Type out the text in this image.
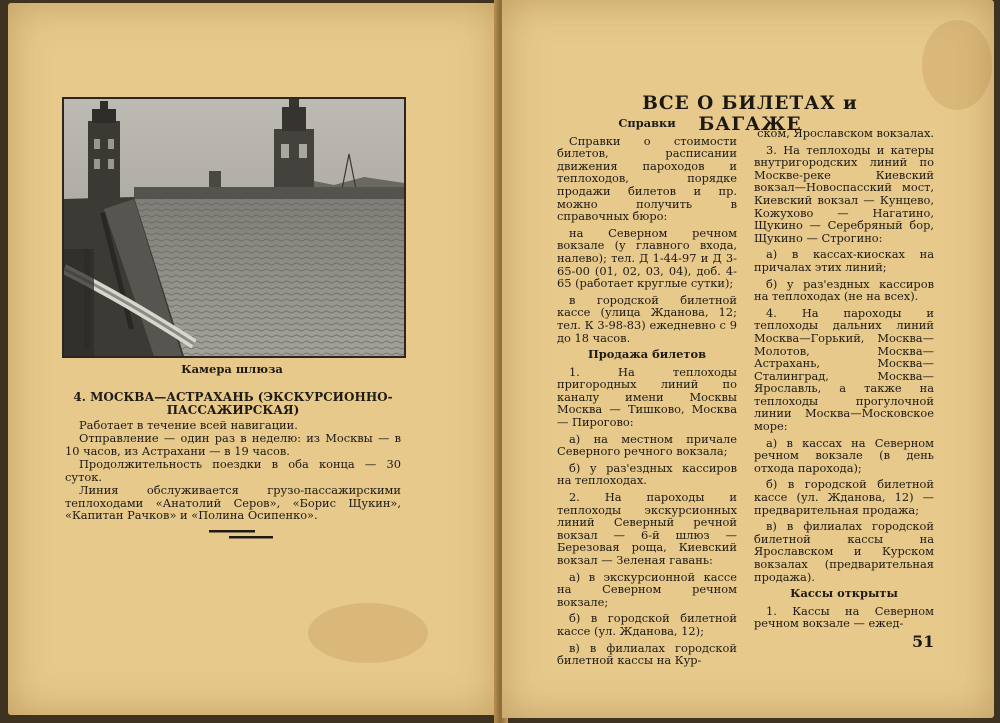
Камера шлюза
4. МОСКВА—АСТРАХАНЬ (ЭКСКУРСИОННО-ПАССАЖИРСКАЯ)
Работает в течение всей навигации.
Отправление — один раз в неделю: из Москвы — в 10 часов, из Астрахани — в 19 часов.
Продолжительность поездки в оба конца — 30 суток.
Линия обслуживается грузо-пассажирскими теплоходами «Анатолий Серов», «Борис Щукин», «Капитан Рачков» и «Полина Осипенко».
ВСЕ О БИЛЕТАХ и БАГАЖЕ

Справки

Справки о стоимости билетов, расписании движения пароходов и теплоходов, порядке продажи билетов и пр. можно получить в справочных бюро:

на Северном речном вокзале (у главного входа, налево); тел. Д 1-44-97 и Д 3-65-00 (01, 02, 03, 04), доб. 4-65 (работает круглые сутки);

в городской билетной кассе (улица Жданова, 12; тел. К 3-98-83) ежедневно с 9 до 18 часов.

Продажа билетов

1. На теплоходы пригородных линий по каналу имени Москвы Москва — Тишково, Москва — Пирогово:

а) на местном причале Северного речного вокзала;

б) у раз'ездных кассиров на теплоходах.

2. На пароходы и теплоходы экскурсионных линий Северный речной вокзал — 6-й шлюз — Березовая роща, Киевский вокзал — Зеленая гавань:

а) в экскурсионной кассе на Северном речном вокзале;

б) в городской билетной кассе (ул. Жданова, 12);

в) в филиалах городской билетной кассы на Кур-

ском, Ярославском вокзалах.

3. На теплоходы и катеры внутригородских линий по Москве-реке Киевский вокзал—Новоспасский мост, Киевский вокзал — Кунцево, Кожухово — Нагатино, Щукино — Серебряный бор, Щукино — Строгино:

а) в кассах-киосках на причалах этих линий;

б) у раз'ездных кассиров на теплоходах (не на всех).

4. На пароходы и теплоходы дальних линий Москва—Горький, Москва—Молотов, Москва—Астрахань, Москва—Сталинград, Москва—Ярославль, а также на теплоходы прогулочной линии Москва—Московское море:

а) в кассах на Северном речном вокзале (в день отхода парохода);

б) в городской билетной кассе (ул. Жданова, 12) — предварительная продажа;

в) в филиалах городской билетной кассы на Ярославском и Курском вокзалах (предварительная продажа).

Кассы открыты

1. Кассы на Северном речном вокзале — ежед-

51
